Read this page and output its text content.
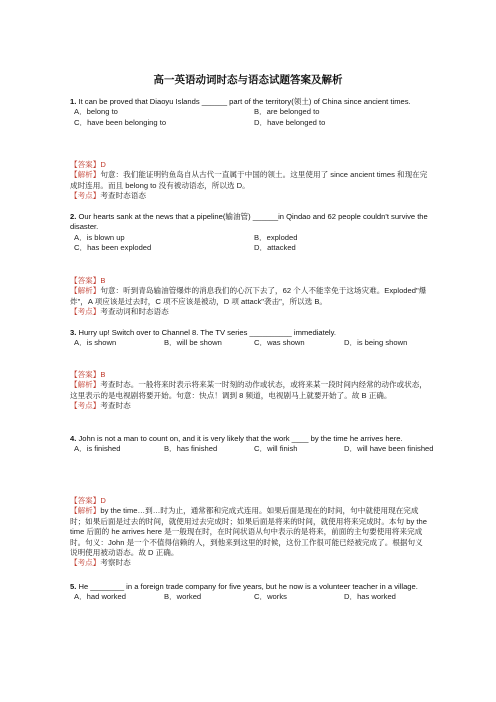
高一英语动词时态与语态试题答案及解析
1. It can be proved that Diaoyu Islands ______ part of the territory(领土) of China since ancient times.
A．belong to	B．are belonged to
C．have been belonging to	D．have belonged to
【答案】D
【解析】句意：我们能证明钓鱼岛自从古代一直属于中国的领土。这里使用了 since ancient times 和现在完成时连用。而且 belong to 没有被动语态，所以选 D。
【考点】考查时态语态
2. Our hearts sank at the news that a pipeline(输油管) ______in Qindao and 62 people couldn't survive the disaster.
A．is blown up	B．exploded
C．has been exploded	D．attacked
【答案】B
【解析】句意：听到青岛输油管爆炸的消息我们的心沉下去了，62 个人不能幸免于这场灾难。Exploded"爆炸"，A 项应该是过去时，C 项不应该是被动，D 项 attack"袭击"，所以选 B。
【考点】考查动词和时态语态
3. Hurry up! Switch over to Channel 8. The TV series __________ immediately.
A．is shown	B．will be shown	C．was shown	D．is being shown
【答案】B
【解析】考查时态。一般将来时表示将来某一时刻的动作或状态，或将来某一段时间内经常的动作或状态，这里表示的是电视剧将要开始。句意：快点！调到 8 频道，电视剧马上就要开始了。故 B 正确。
【考点】考查时态
4. John is not a man to count on, and it is very likely that the work ____ by the time he arrives here.
A．is finished	B．has finished	C．will finish	D．will have been finished
【答案】D
【解析】by the time…到…时为止，通常都和完成式连用。如果后面是现在的时间，句中就使用现在完成时；如果后面是过去的时间，就使用过去完成时；如果后面是将来的时间，就使用将来完成时。本句 by the time 后面的 he arrives here 是一般现在时，在时间状语从句中表示的是将来，前面的主句要使用将来完成时。句义：John 是一个不值得信赖的人，到他来到这里的时候，这份工作很可能已经被完成了。根据句义说明使用被动语态。故 D 正确。
【考点】考察时态
5. He ________ in a foreign trade company for five years, but he now is a volunteer teacher in a village.
A．had worked	B．worked	C．works	D．has worked
